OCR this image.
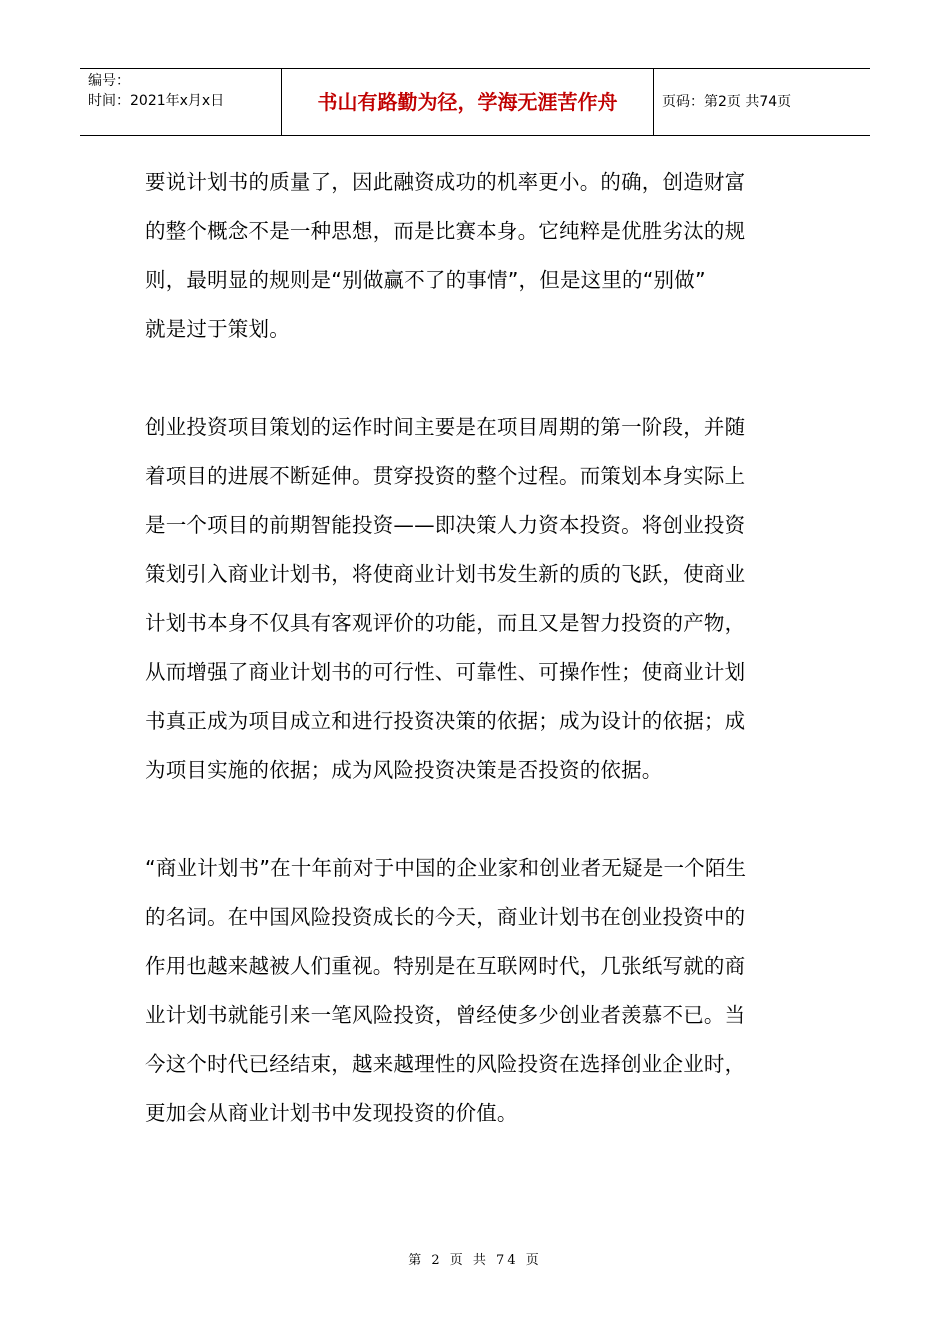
编号：
时间：2021年x月x日	书山有路勤为径，学海无涯苦作舟	页码：第2页 共74页

要说计划书的质量了，因此融资成功的机率更小。的确，创造财富
的整个概念不是一种思想，而是比赛本身。它纯粹是优胜劣汰的规
则，最明显的规则是“别做赢不了的事情”，但是这里的“别做”
就是过于策划。

创业投资项目策划的运作时间主要是在项目周期的第一阶段，并随
着项目的进展不断延伸。贯穿投资的整个过程。而策划本身实际上
是一个项目的前期智能投资——即决策人力资本投资。将创业投资
策划引入商业计划书，将使商业计划书发生新的质的飞跃，使商业
计划书本身不仅具有客观评价的功能，而且又是智力投资的产物，
从而增强了商业计划书的可行性、可靠性、可操作性；使商业计划
书真正成为项目成立和进行投资决策的依据；成为设计的依据；成
为项目实施的依据；成为风险投资决策是否投资的依据。

“商业计划书”在十年前对于中国的企业家和创业者无疑是一个陌生
的名词。在中国风险投资成长的今天，商业计划书在创业投资中的
作用也越来越被人们重视。特别是在互联网时代，几张纸写就的商
业计划书就能引来一笔风险投资，曾经使多少创业者羡慕不已。当
今这个时代已经结束，越来越理性的风险投资在选择创业企业时，
更加会从商业计划书中发现投资的价值。

第 2 页 共 74 页
